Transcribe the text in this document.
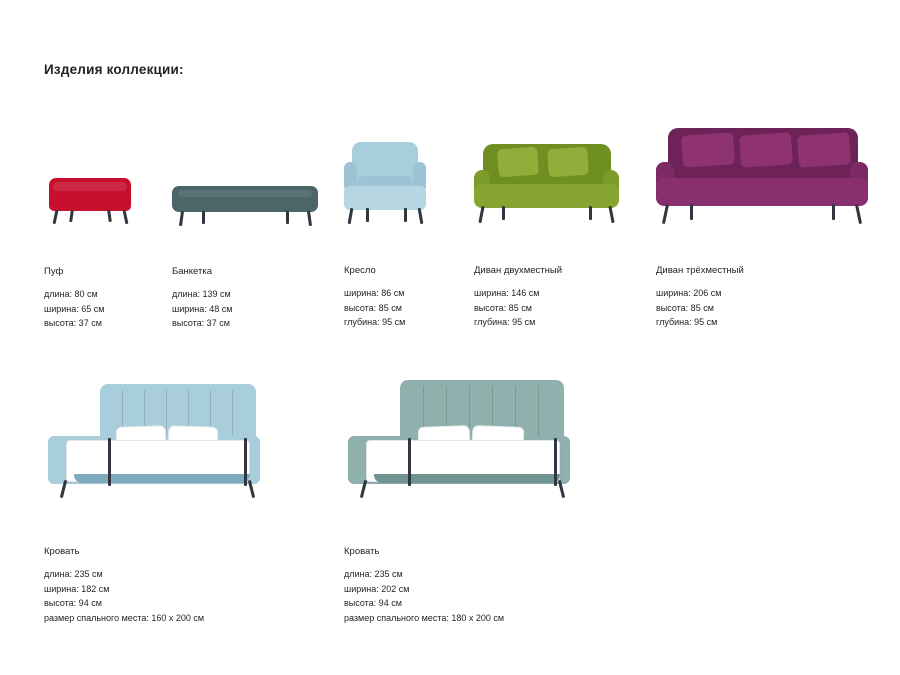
Изделия коллекции:
Пуф
длина: 80 см
ширина: 65 см
высота: 37 см
Банкетка
длина: 139 см
ширина: 48 см
высота: 37 см
Кресло
ширина: 86 см
высота: 85 см
глубина: 95 см
Диван двухместный
ширина: 146 см
высота: 85 см
глубина: 95 см
Диван трёхместный
ширина: 206 см
высота: 85 см
глубина: 95 см
Кровать
длина: 235 см
ширина: 182 см
высота: 94 см
размер спального места: 160 х 200 см
Кровать
длина: 235 см
ширина: 202 см
высота: 94 см
размер спального места: 180 х 200 см
